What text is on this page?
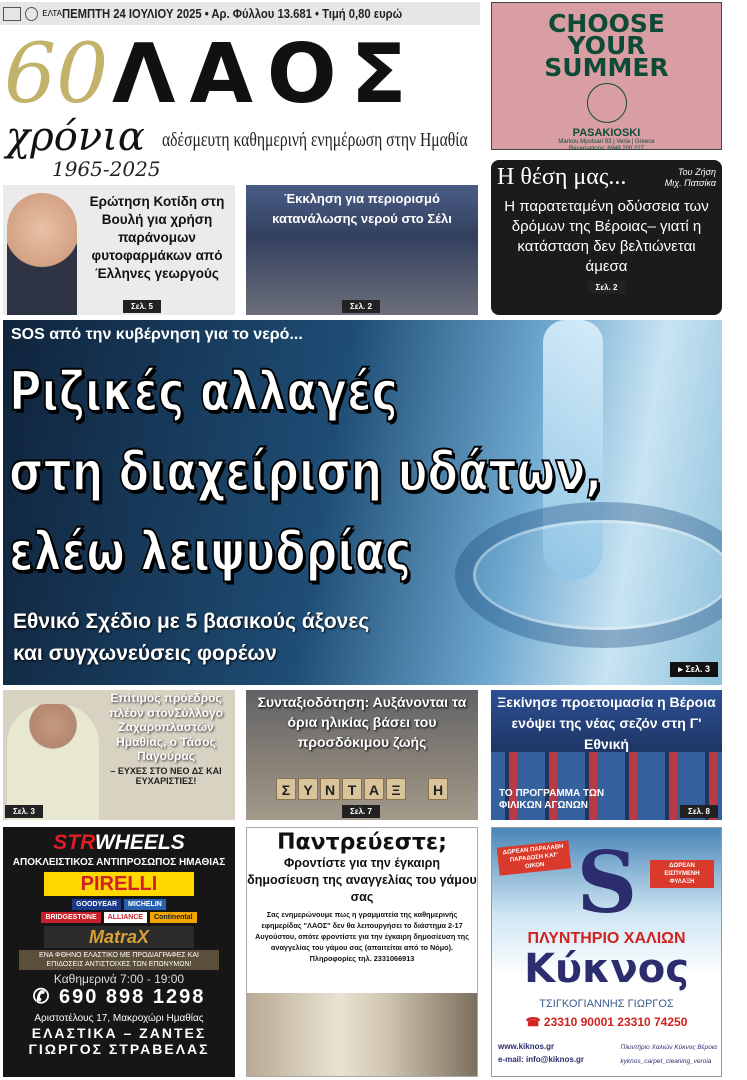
ΕΛΤΑ ΠΕΜΠΤΗ 24 ΙΟΥΛΙΟΥ 2025 • Αρ. Φύλλου 13.681 • Τιμή 0,80 ευρώ
60 ΛΑΟΣ
χρόνια αδέσμευτη καθημερινή ενημέρωση στην Ημαθία
1965-2025
CHOOSE
YOUR
SUMMER
PASAKIOSKI
Markou Mpotsari 93 | Veria | Greece
Reservations: 6948 200 227
Η θέση μας...	Του Ζήση
Μιχ. Πατσίκα
Η παρατεταμένη οδύσσεια των δρόμων της Βέροιας– γιατί η κατάσταση δεν βελτιώνεται άμεσα
Σελ. 2
Ερώτηση Κοτίδη στη Βουλή για χρήση παράνομων φυτοφαρμάκων από Έλληνες γεωργούς
Σελ. 5
Έκκληση για περιορισμό κατανάλωσης νερού στο Σέλι
Σελ. 2
SOS από την κυβέρνηση για το νερό...
Ριζικές αλλαγές
στη διαχείριση υδάτων,
ελέω λειψυδρίας
Εθνικό Σχέδιο με 5 βασικούς άξονες
και συγχωνεύσεις φορέων
▸ Σελ. 3
Επίτιμος πρόεδρος πλέον στονΣύλλογο Ζαχαροπλαστών Ημαθίας, ο Τάσος Παγούρας
– ΕΥΧΕΣ ΣΤΟ ΝΕΟ ΔΣ ΚΑΙ ΕΥΧΑΡΙΣΤΙΕΣ!
Σελ. 3
Συνταξιοδότηση: Αυξάνονται τα όρια ηλικίας βάσει του προσδόκιμου ζωής
Σ Υ Ν Τ Α Ξ	Η
Σελ. 7
Ξεκίνησε προετοιμασία η Βέροια ενόψει της νέας σεζόν στη Γ' Εθνική
ΤΟ ΠΡΟΓΡΑΜΜΑ ΤΩΝ ΦΙΛΙΚΩΝ ΑΓΩΝΩΝ
Σελ. 8
STRWHEELS
ΑΠΟΚΛΕΙΣΤΙΚΟΣ ΑΝΤΙΠΡΟΣΩΠΟΣ ΗΜΑΘΙΑΣ
PIRELLI
GOODYEAR	MICHELIN
BRIDGESTONE	ALLIANCE	Continental
MatraX
ΕΝΑ ΦΘΗΝΟ ΕΛΑΣΤΙΚΟ ΜΕ ΠΡΟΔΙΑΓΡΑΦΕΣ ΚΑΙ ΕΠΙΔΟΣΕΙΣ ΑΝΤΙΣΤΟΙΧΕΣ ΤΩΝ ΕΠΩΝΥΜΩΝ!
Καθημερινά 7:00 - 19:00
✆ 690 898 1298
Αριστοτέλους 17, Μακροχώρι Ημαθίας
ΕΛΑΣΤΙΚΑ – ΖΑΝΤΕΣ
ΓΙΩΡΓΟΣ ΣΤΡΑΒΕΛΑΣ
Παντρεύεστε;
Φροντίστε για την έγκαιρη δημοσίευση της αναγγελίας του γάμου σας
Σας ενημερώνουμε πως η γραμματεία της καθημερινής εφημερίδας "ΛΑΟΣ" δεν θα λειτουργήσει το διάστημα 2-17 Αυγούστου, οπότε φροντίστε για την έγκαιρη δημοσίευση της αναγγελίας του γάμου σας (απαιτείται από το Νόμο). Πληροφορίες τηλ. 2331066913
ΔΩΡΕΑΝ ΠΑΡΑΛΑΒΗ ΠΑΡΑΔΟΣΗ ΚΑΤ' ΟΙΚΟΝ	ΔΩΡΕΑΝ ΕΙΣΠΥΜΕΝΗ ΦΥΛΑΞΗ
S
ΠΛΥΝΤΗΡΙΟ ΧΑΛΙΩΝ
Κύκνος
ΤΣΙΓΚΟΓΙΑΝΝΗΣ ΓΙΩΡΓΟΣ
☎ 23310 90001 23310 74250
www.kiknos.gr
e-mail: info@kiknos.gr
Πλυντήριο Χαλιών Κύκνος Βέροια
kyknos_carpet_cleaning_veroia
